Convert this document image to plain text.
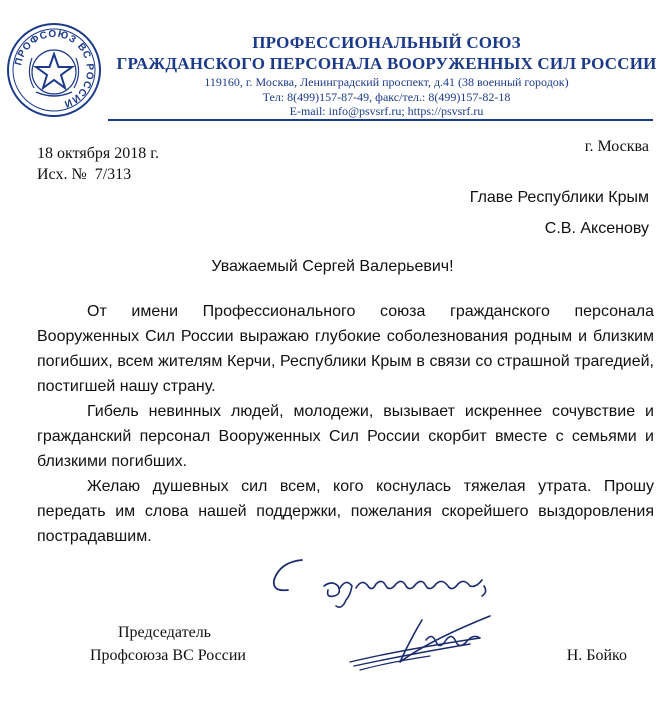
ПРОФСОЮЗ ВС РОССИИ
ПРОФЕССИОНАЛЬНЫЙ СОЮЗ
ГРАЖДАНСКОГО ПЕРСОНАЛА ВООРУЖЕННЫХ СИЛ РОССИИ
119160, г. Москва, Ленинградский проспект, д.41 (38 военный городок)
Тел: 8(499)157-87-49, факс/тел.: 8(499)157-82-18
E-mail: info@psvsrf.ru; https://psvsrf.ru
18 октября 2018 г.
Исх. №  7/313
г. Москва
Главе Республики Крым
С.В. Аксенову
Уважаемый Сергей Валерьевич!
От имени Профессионального союза гражданского персонала Вооруженных Сил России выражаю глубокие соболезнования родным и близким погибших, всем жителям Керчи, Республики Крым в связи со страшной трагедией, постигшей нашу страну.
Гибель невинных людей, молодежи, вызывает искреннее сочувствие и гражданский персонал Вооруженных Сил России скорбит вместе с семьями и близкими погибших.
Желаю душевных сил всем, кого коснулась тяжелая утрата. Прошу передать им слова нашей поддержки, пожелания скорейшего выздоровления пострадавшим.
Председатель
Профсоюза ВС России	Н. Бойко
